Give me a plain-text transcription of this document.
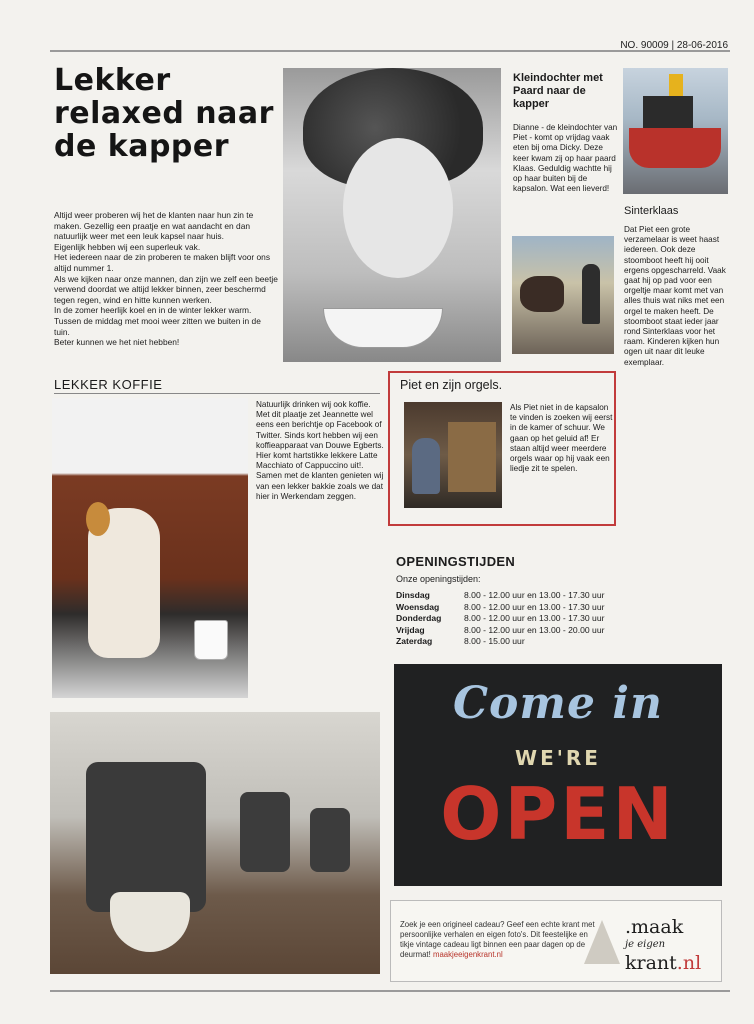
NO. 90009 | 28-06-2016
Lekker relaxed naar de kapper

Altijd weer proberen wij het de klanten naar hun zin te maken. Gezellig een praatje en wat aandacht en dan natuurlijk weer met een leuk kapsel naar huis.

Eigenlijk hebben wij een superleuk vak.

Het iedereen naar de zin proberen te maken blijft voor ons altijd nummer 1.

Als we kijken naar onze mannen, dan zijn we zelf een beetje verwend doordat we altijd lekker binnen, zeer beschermd tegen regen, wind en hitte kunnen werken.

In de zomer heerlijk koel en in de winter lekker warm. Tussen de middag met mooi weer zitten we buiten in de tuin.

Beter kunnen we het niet hebben!

Kleindochter met Paard naar de kapper
Dianne - de kleindochter van Piet - komt op vrijdag vaak eten bij oma Dicky. Deze keer kwam zij op haar paard Klaas. Geduldig wachtte hij op haar buiten bij de kapsalon. Wat een lieverd!
Sinterklaas
Dat Piet een grote verzamelaar is weet haast iedereen. Ook deze stoomboot heeft hij ooit ergens opgescharreld. Vaak gaat hij op pad voor een orgeltje maar komt met van alles thuis wat niks met een orgel te maken heeft. De stoomboot staat ieder jaar rond Sinterklaas voor het raam. Kinderen kijken hun ogen uit naar dit leuke exemplaar.
LEKKER KOFFIE
Natuurlijk drinken wij ook koffie. Met dit plaatje zet Jeannette wel eens een berichtje op Facebook of Twitter. Sinds kort hebben wij een koffieapparaat van Douwe Egberts. Hier komt hartstikke lekkere Latte Macchiato of Cappuccino uit!. Samen met de klanten genieten wij van een lekker bakkie zoals we dat hier in Werkendam zeggen.
Piet en zijn orgels.
Als Piet niet in de kapsalon te vinden is zoeken wij eerst in de kamer of schuur. We gaan op het geluid af! Er staan altijd weer meerdere orgels waar op hij vaak een liedje zit te spelen.
OPENINGSTIJDEN
Onze openingstijden:
Dinsdag	8.00 - 12.00 uur en 13.00 - 17.30 uur
Woensdag	8.00 - 12.00 uur en 13.00 - 17.30 uur
Donderdag	8.00 - 12.00 uur en 13.00 - 17.30 uur
Vrijdag	8.00 - 12.00 uur en 13.00 - 20.00 uur
Zaterdag	8.00 - 15.00 uur
Come in
WE'RE
OPEN
Zoek je een origineel cadeau? Geef een echte krant met persoonlijke verhalen en eigen foto's. Dit feestelijke en tikje vintage cadeau ligt binnen een paar dagen op de deurmat! maakjeeigenkrant.nl
.maak
je eigen
krant.nl
